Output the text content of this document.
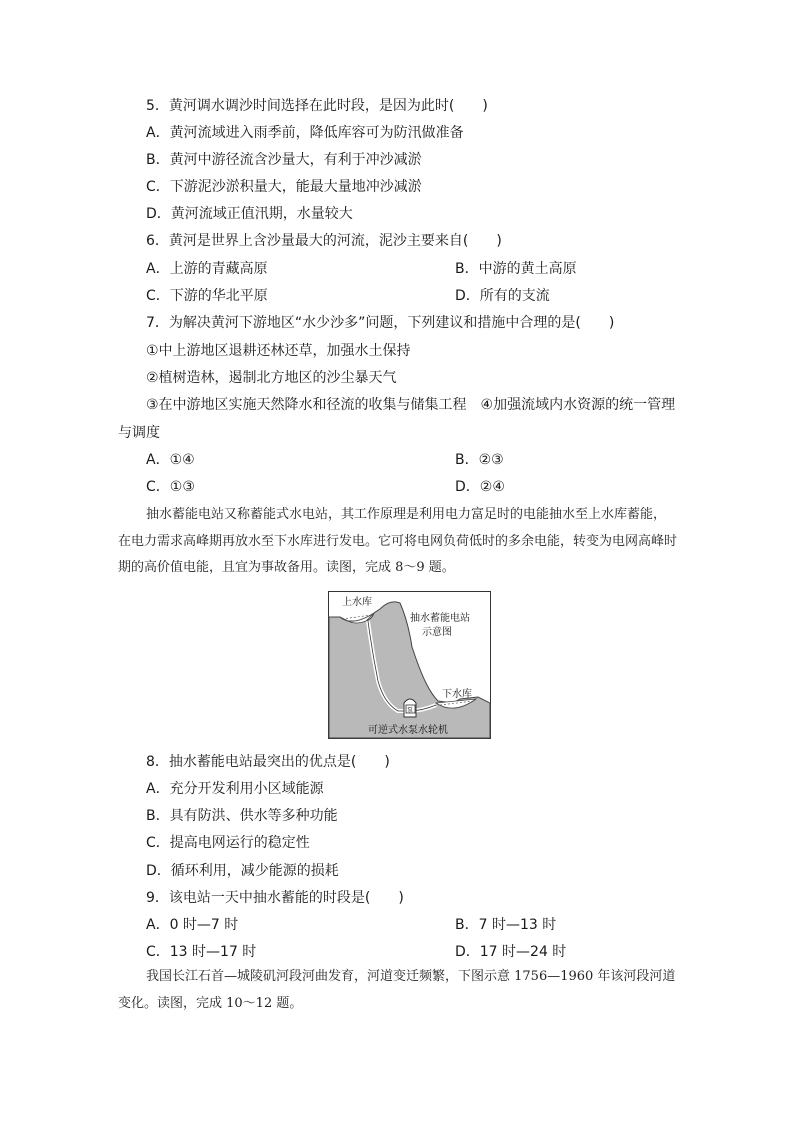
5．黄河调水调沙时间选择在此时段，是因为此时(　　)
A．黄河流域进入雨季前，降低库容可为防汛做准备
B．黄河中游径流含沙量大，有利于冲沙减淤
C．下游泥沙淤积量大，能最大量地冲沙减淤
D．黄河流域正值汛期，水量较大
6．黄河是世界上含沙量最大的河流，泥沙主要来自(　　)
A．上游的青藏高原	B．中游的黄土高原
C．下游的华北平原	D．所有的支流
7．为解决黄河下游地区“水少沙多”问题，下列建议和措施中合理的是(　　)
①中上游地区退耕还林还草，加强水土保持
②植树造林，遏制北方地区的沙尘暴天气
③在中游地区实施天然降水和径流的收集与储集工程　④加强流域内水资源的统一管理
与调度
A．①④	B．②③
C．①③	D．②④
抽水蓄能电站又称蓄能式水电站，其工作原理是利用电力富足时的电能抽水至上水库蓄能，在电力需求高峰期再放水至下水库进行发电。它可将电网负荷低时的多余电能，转变为电网高峰时期的高价值电能，且宜为事故备用。读图，完成 8～9 题。
上水库
抽水蓄能电站
示意图
下水库
泵
可逆式水泵水轮机
8．抽水蓄能电站最突出的优点是(　　)
A．充分开发利用小区域能源
B．具有防洪、供水等多种功能
C．提高电网运行的稳定性
D．循环利用，减少能源的损耗
9．该电站一天中抽水蓄能的时段是(　　)
A．0 时—7 时	B．7 时—13 时
C．13 时—17 时	D．17 时—24 时
我国长江石首—城陵矶河段河曲发育，河道变迁频繁，下图示意 1756—1960 年该河段河道变化。读图，完成 10～12 题。
